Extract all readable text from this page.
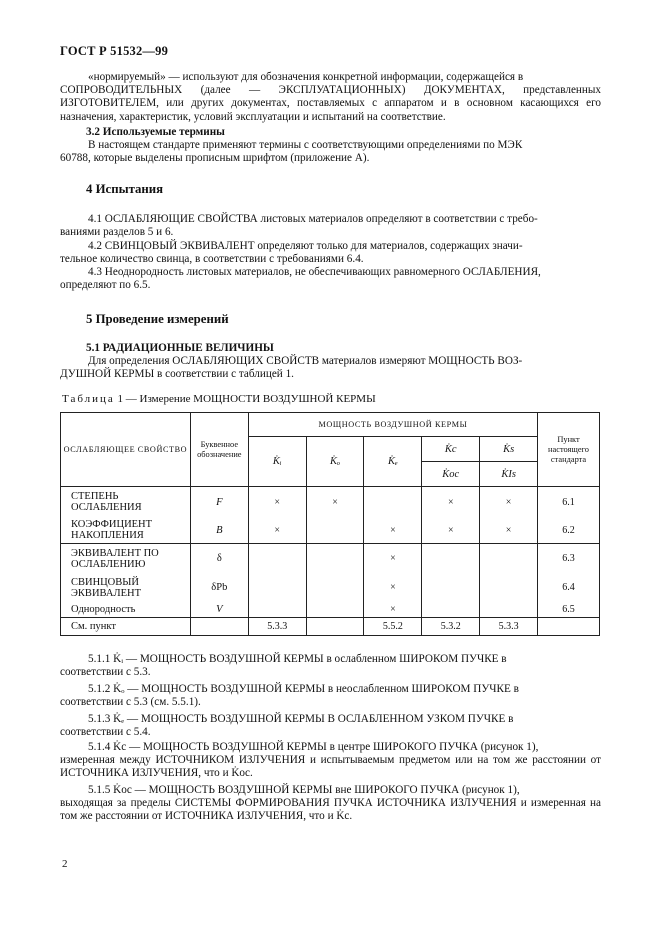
ГОСТ Р 51532—99
«нормируемый» — используют для обозначения конкретной информации, содержащейся в
СОПРОВОДИТЕЛЬНЫХ (далее — ЭКСПЛУАТАЦИОННЫХ) ДОКУМЕНТАХ, представленных ИЗГОТОВИТЕЛЕМ, или других документах, поставляемых с аппаратом и в основном касающихся его назначения, характеристик, условий эксплуатации и испытаний на соответствие.
3.2 Используемые термины
В настоящем стандарте применяют термины с соответствующими определениями по МЭК
60788, которые выделены прописным шрифтом (приложение А).
4 Испытания
4.1 ОСЛАБЛЯЮЩИЕ СВОЙСТВА листовых материалов определяют в соответствии с требо-
ваниями разделов 5 и 6.
4.2 СВИНЦОВЫЙ ЭКВИВАЛЕНТ определяют только для материалов, содержащих значи-
тельное количество свинца, в соответствии с требованиями 6.4.
4.3 Неоднородность листовых материалов, не обеспечивающих равномерного ОСЛАБЛЕНИЯ,
определяют по 6.5.
5 Проведение измерений
5.1 РАДИАЦИОННЫЕ ВЕЛИЧИНЫ
Для определения ОСЛАБЛЯЮЩИХ СВОЙСТВ материалов измеряют МОЩНОСТЬ ВОЗ-
ДУШНОЙ КЕРМЫ в соответствии с таблицей 1.
Таблица 1 — Измерение МОЩНОСТИ ВОЗДУШНОЙ КЕРМЫ
ОСЛАБЛЯЮЩЕЕ СВОЙСТВО	Буквенное обозначение	МОЩНОСТЬ ВОЗДУШНОЙ КЕРМЫ					Пункт настоящего стандарта
		K̇ᵢ	K̇ₒ	K̇ₑ	K̇c	K̇s	
					K̇oc	K̇Is	
СТЕПЕНЬ ОСЛАБЛЕНИЯ	F	×	×		×	×	6.1
КОЭФФИЦИЕНТ НАКОПЛЕНИЯ	B	×		×	×	×	6.2
ЭКВИВАЛЕНТ ПО ОСЛАБЛЕНИЮ	δ			×			6.3
СВИНЦОВЫЙ ЭКВИВАЛЕНТ	δPb			×			6.4
Однородность	V			×			6.5
См. пункт		5.3.3		5.5.2	5.3.2	5.3.3	
5.1.1 K̇ᵢ — МОЩНОСТЬ ВОЗДУШНОЙ КЕРМЫ в ослабленном ШИРОКОМ ПУЧКЕ в
соответствии с 5.3.
5.1.2 K̇ₒ — МОЩНОСТЬ ВОЗДУШНОЙ КЕРМЫ в неослабленном ШИРОКОМ ПУЧКЕ в
соответствии с 5.3 (см. 5.5.1).
5.1.3 K̇ₑ — МОЩНОСТЬ ВОЗДУШНОЙ КЕРМЫ В ОСЛАБЛЕННОМ УЗКОМ ПУЧКЕ в
соответствии с 5.4.
5.1.4 K̇c — МОЩНОСТЬ ВОЗДУШНОЙ КЕРМЫ в центре ШИРОКОГО ПУЧКА (рисунок 1),
измеренная между ИСТОЧНИКОМ ИЗЛУЧЕНИЯ и испытываемым предметом или на том же расстоянии от ИСТОЧНИКА ИЗЛУЧЕНИЯ, что и K̇oc.
5.1.5 K̇oc — МОЩНОСТЬ ВОЗДУШНОЙ КЕРМЫ вне ШИРОКОГО ПУЧКА (рисунок 1),
выходящая за пределы СИСТЕМЫ ФОРМИРОВАНИЯ ПУЧКА ИСТОЧНИКА ИЗЛУЧЕНИЯ и измеренная на том же расстоянии от ИСТОЧНИКА ИЗЛУЧЕНИЯ, что и K̇c.
2
